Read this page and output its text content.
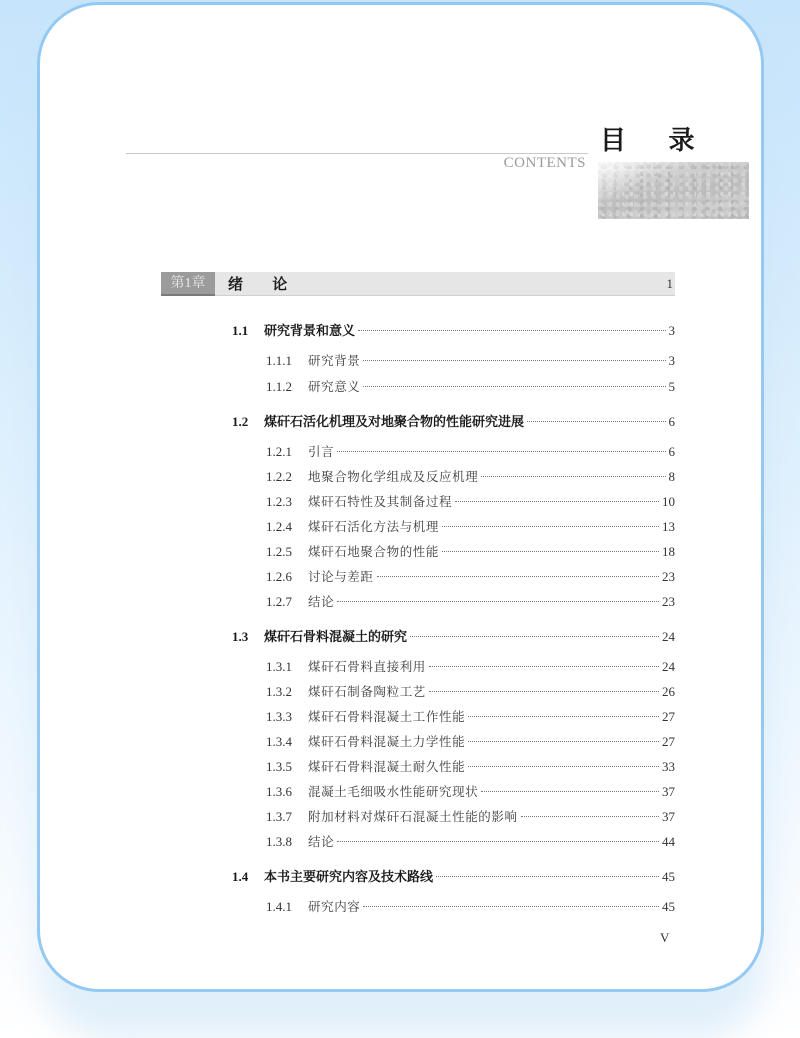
目 录
CONTENTS
第1章	绪 论	1
1.1	研究背景和意义	3
1.1.1	研究背景	3
1.1.2	研究意义	5
1.2	煤矸石活化机理及对地聚合物的性能研究进展	6
1.2.1	引言	6
1.2.2	地聚合物化学组成及反应机理	8
1.2.3	煤矸石特性及其制备过程	10
1.2.4	煤矸石活化方法与机理	13
1.2.5	煤矸石地聚合物的性能	18
1.2.6	讨论与差距	23
1.2.7	结论	23
1.3	煤矸石骨料混凝土的研究	24
1.3.1	煤矸石骨料直接利用	24
1.3.2	煤矸石制备陶粒工艺	26
1.3.3	煤矸石骨料混凝土工作性能	27
1.3.4	煤矸石骨料混凝土力学性能	27
1.3.5	煤矸石骨料混凝土耐久性能	33
1.3.6	混凝土毛细吸水性能研究现状	37
1.3.7	附加材料对煤矸石混凝土性能的影响	37
1.3.8	结论	44
1.4	本书主要研究内容及技术路线	45
1.4.1	研究内容	45
V
